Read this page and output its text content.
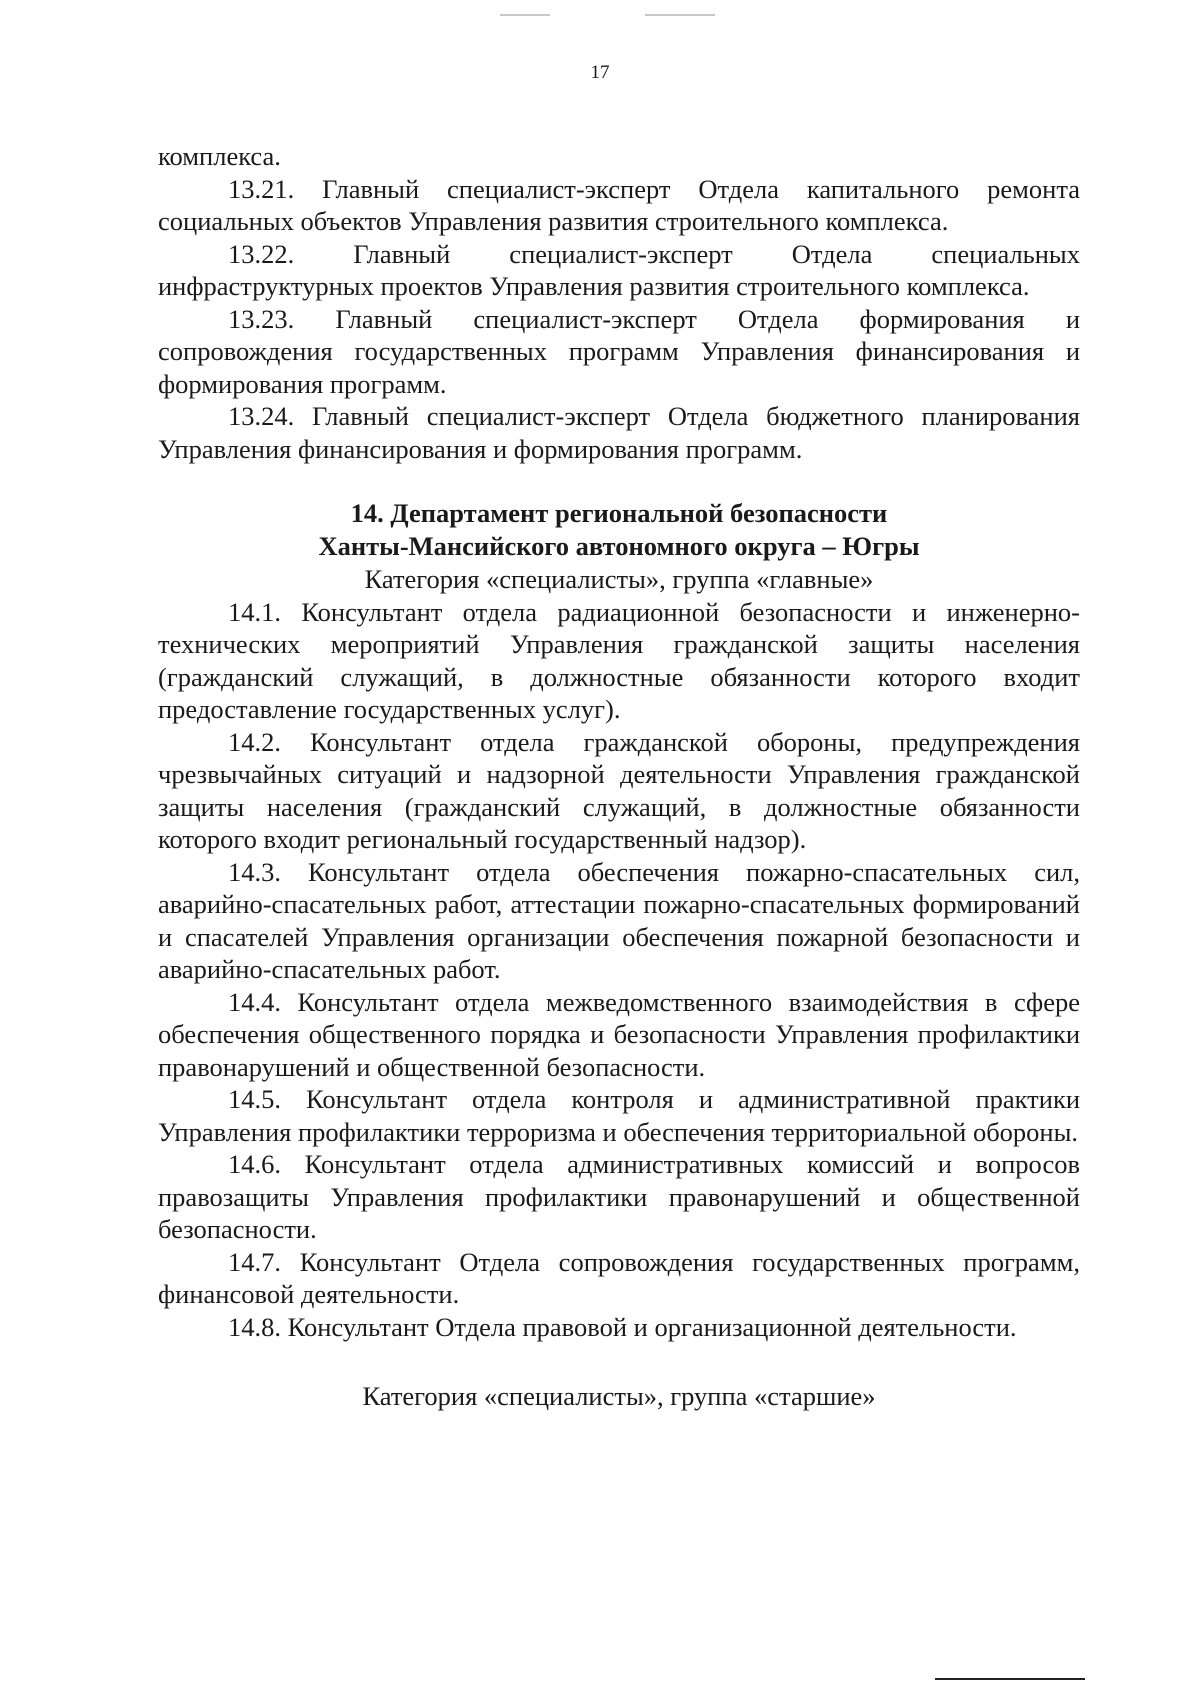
17

комплекса.

13.21. Главный специалист-эксперт Отдела капитального ремонта социальных объектов Управления развития строительного комплекса.

13.22. Главный специалист-эксперт Отдела специальных инфраструктурных проектов Управления развития строительного комплекса.

13.23. Главный специалист-эксперт Отдела формирования и сопровождения государственных программ Управления финансирования и формирования программ.

13.24. Главный специалист-эксперт Отдела бюджетного планирования Управления финансирования и формирования программ.

14. Департамент региональной безопасности
Ханты-Мансийского автономного округа – Югры

Категория «специалисты», группа «главные»

14.1. Консультант отдела радиационной безопасности и инженерно-технических мероприятий Управления гражданской защиты населения (гражданский служащий, в должностные обязанности которого входит предоставление государственных услуг).

14.2. Консультант отдела гражданской обороны, предупреждения чрезвычайных ситуаций и надзорной деятельности Управления гражданской защиты населения (гражданский служащий, в должностные обязанности которого входит региональный государственный надзор).

14.3. Консультант отдела обеспечения пожарно-спасательных сил, аварийно-спасательных работ, аттестации пожарно-спасательных формирований и спасателей Управления организации обеспечения пожарной безопасности и аварийно-спасательных работ.

14.4. Консультант отдела межведомственного взаимодействия в сфере обеспечения общественного порядка и безопасности Управления профилактики правонарушений и общественной безопасности.

14.5. Консультант отдела контроля и административной практики Управления профилактики терроризма и обеспечения территориальной обороны.

14.6. Консультант отдела административных комиссий и вопросов правозащиты Управления профилактики правонарушений и общественной безопасности.

14.7. Консультант Отдела сопровождения государственных программ, финансовой деятельности.

14.8. Консультант Отдела правовой и организационной деятельности.

Категория «специалисты», группа «старшие»
